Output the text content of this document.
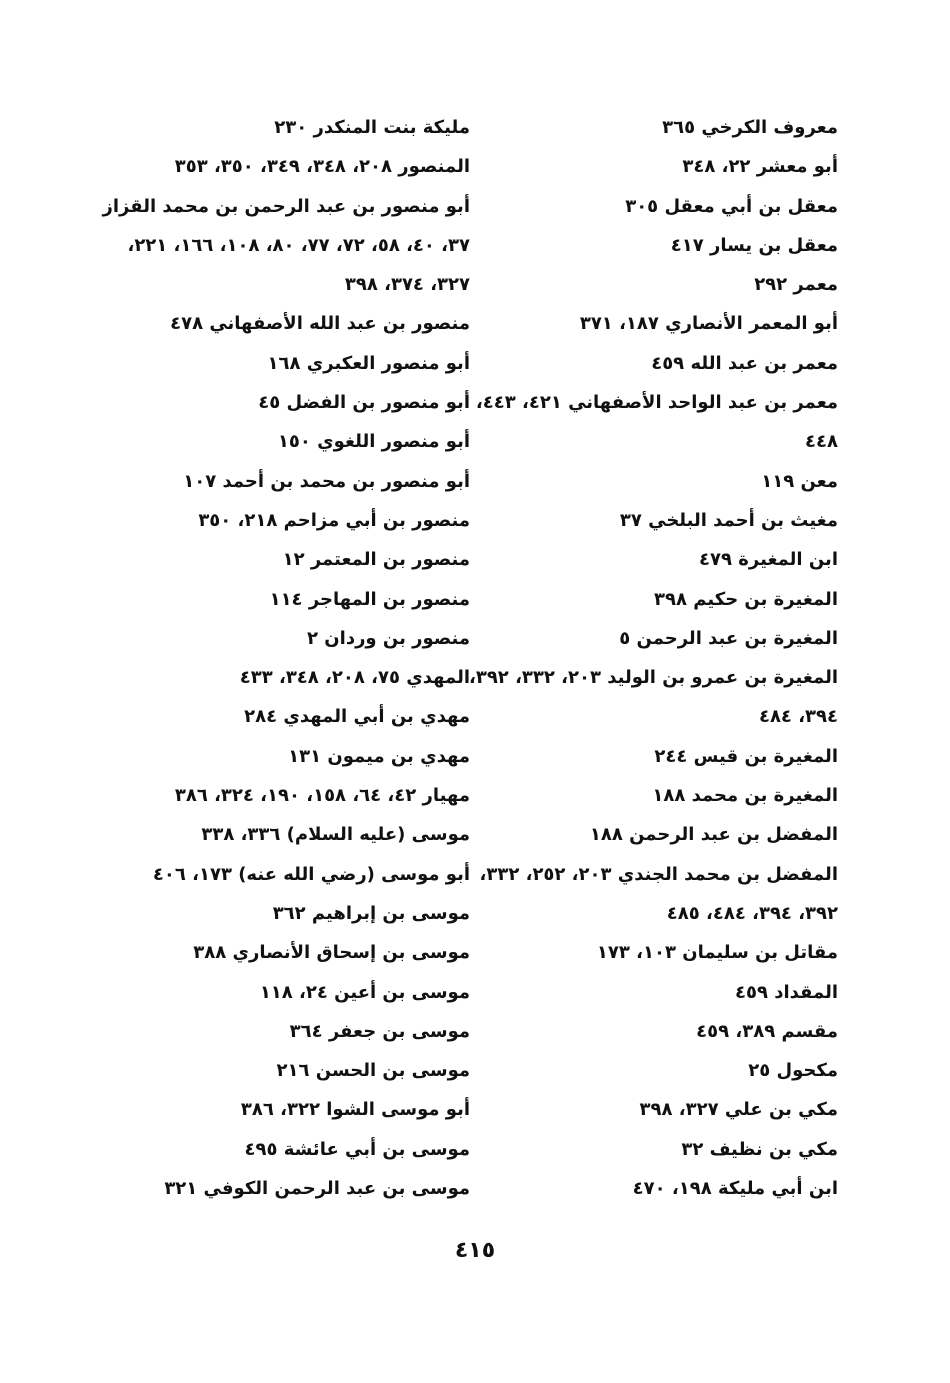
معروف الكرخي ٣٦٥
أبو معشر ٢٢، ٣٤٨
معقل بن أبي معقل ٣٠٥
معقل بن يسار ٤١٧
معمر ٢٩٢
أبو المعمر الأنصاري ١٨٧، ٣٧١
معمر بن عبد الله ٤٥٩
معمر بن عبد الواحد الأصفهاني ٤٢١، ٤٤٣،
٤٤٨
معن ١١٩
مغيث بن أحمد البلخي ٣٧
ابن المغيرة ٤٧٩
المغيرة بن حكيم ٣٩٨
المغيرة بن عبد الرحمن ٥
المغيرة بن عمرو بن الوليد ٢٠٣، ٣٣٢، ٣٩٢،
٣٩٤، ٤٨٤
المغيرة بن قيس ٢٤٤
المغيرة بن محمد ١٨٨
المفضل بن عبد الرحمن ١٨٨
المفضل بن محمد الجندي ٢٠٣، ٢٥٢، ٣٣٢،
٣٩٢، ٣٩٤، ٤٨٤، ٤٨٥
مقاتل بن سليمان ١٠٣، ١٧٣
المقداد ٤٥٩
مقسم ٣٨٩، ٤٥٩
مكحول ٢٥
مكي بن علي ٣٢٧، ٣٩٨
مكي بن نظيف ٣٢
ابن أبي مليكة ١٩٨، ٤٧٠
مليكة بنت المنكدر ٢٣٠
المنصور ٢٠٨، ٣٤٨، ٣٤٩، ٣٥٠، ٣٥٣
أبو منصور بن عبد الرحمن بن محمد القزاز
٣٧، ٤٠، ٥٨، ٧٢، ٧٧، ٨٠، ١٠٨، ١٦٦، ٢٢١،
٣٢٧، ٣٧٤، ٣٩٨
منصور بن عبد الله الأصفهاني ٤٧٨
أبو منصور العكبري ١٦٨
أبو منصور بن الفضل ٤٥
أبو منصور اللغوي ١٥٠
أبو منصور بن محمد بن أحمد ١٠٧
منصور بن أبي مزاحم ٢١٨، ٣٥٠
منصور بن المعتمر ١٢
منصور بن المهاجر ١١٤
منصور بن وردان ٢
المهدي ٧٥، ٢٠٨، ٣٤٨، ٤٣٣
مهدي بن أبي المهدي ٢٨٤
مهدي بن ميمون ١٣١
مهيار ٤٢، ٦٤، ١٥٨، ١٩٠، ٣٢٤، ٣٨٦
موسى (عليه السلام) ٣٣٦، ٣٣٨
أبو موسى (رضي الله عنه) ١٧٣، ٤٠٦
موسى بن إبراهيم ٣٦٢
موسى بن إسحاق الأنصاري ٣٨٨
موسى بن أعين ٢٤، ١١٨
موسى بن جعفر ٣٦٤
موسى بن الحسن ٢١٦
أبو موسى الشوا ٣٢٢، ٣٨٦
موسى بن أبي عائشة ٤٩٥
موسى بن عبد الرحمن الكوفي ٣٢١
٤١٥
